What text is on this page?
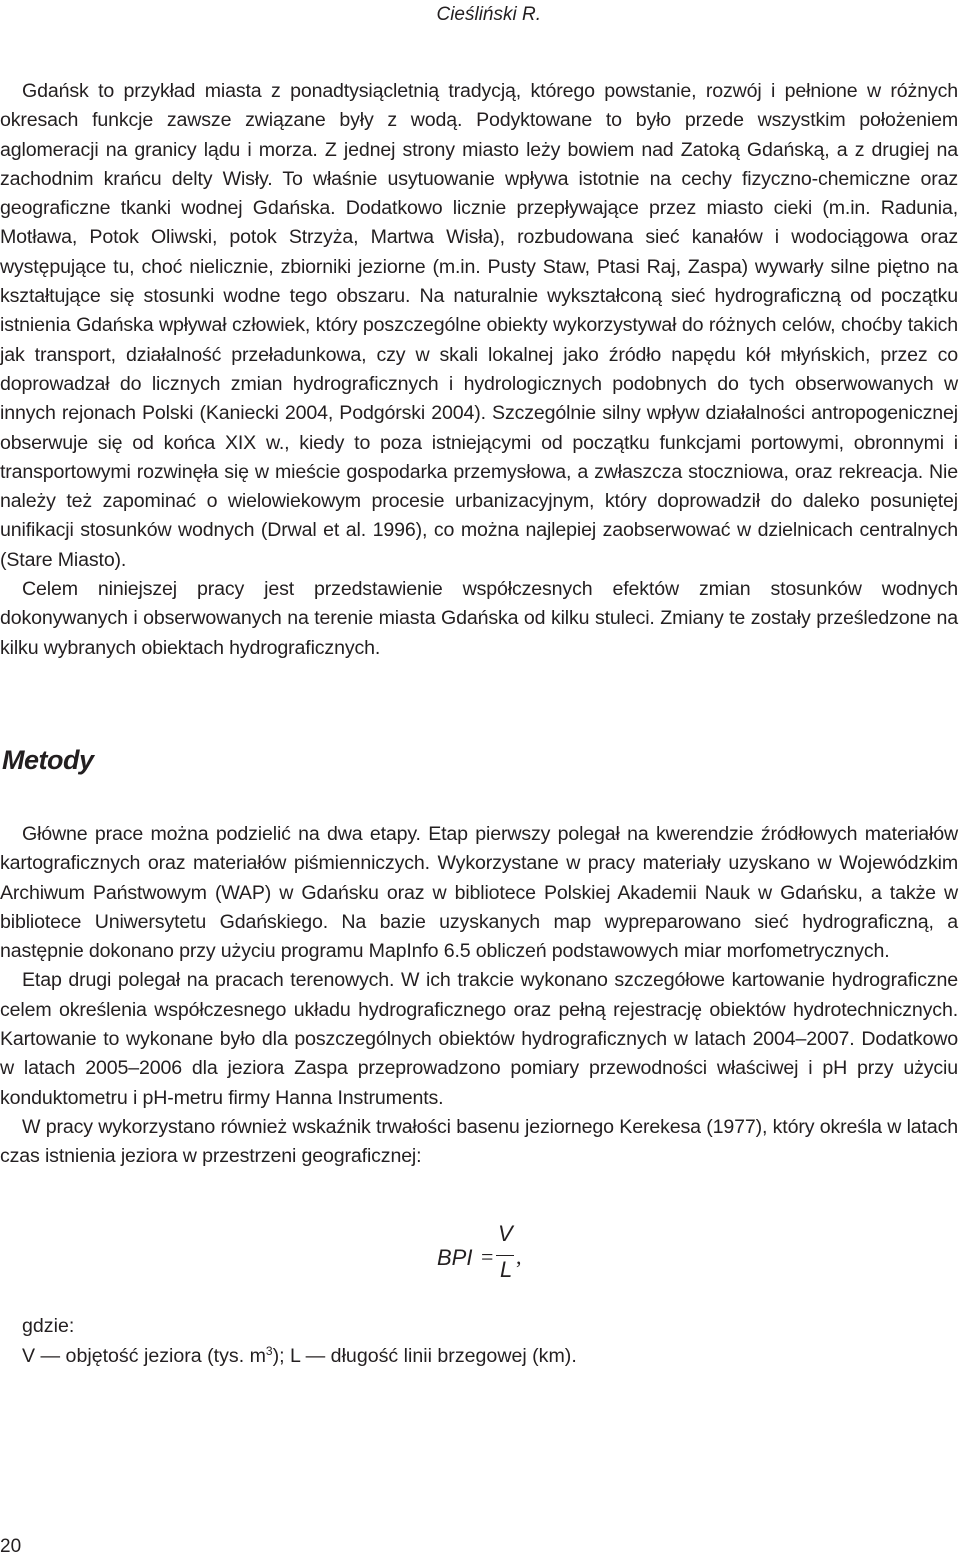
Cieśliński R.

Gdańsk to przykład miasta z ponadtysiącletnią tradycją, którego powstanie, rozwój i pełnione w różnych okresach funkcje zawsze związane były z wodą. Podyktowane to było przede wszystkim położeniem aglomeracji na granicy lądu i morza. Z jednej strony miasto leży bowiem nad Zatoką Gdańską, a z drugiej na zachodnim krańcu delty Wisły. To właśnie usytuowanie wpływa istotnie na cechy fizyczno-chemiczne oraz geograficzne tkanki wodnej Gdańska. Dodatkowo licznie przepływające przez miasto cieki (m.in. Radunia, Motława, Potok Oliwski, potok Strzyża, Martwa Wisła), rozbudowana sieć kanałów i wodociągowa oraz występujące tu, choć nielicznie, zbiorniki jeziorne (m.in. Pusty Staw, Ptasi Raj, Zaspa) wywarły silne piętno na kształtujące się stosunki wodne tego obszaru. Na naturalnie wykształconą sieć hydrograficzną od początku istnienia Gdańska wpływał człowiek, który poszczególne obiekty wykorzystywał do różnych celów, choćby takich jak transport, działalność przeładunkowa, czy w skali lokalnej jako źródło napędu kół młyńskich, przez co doprowadzał do licznych zmian hydrograficznych i hydrologicznych podobnych do tych obserwowanych w innych rejonach Polski (Kaniecki 2004, Podgórski 2004). Szczególnie silny wpływ działalności antropogenicznej obserwuje się od końca XIX w., kiedy to poza istniejącymi od początku funkcjami portowymi, obronnymi i transportowymi rozwinęła się w mieście gospodarka przemysłowa, a zwłaszcza stoczniowa, oraz rekreacja. Nie należy też zapominać o wielowiekowym procesie urbanizacyjnym, który doprowadził do daleko posuniętej unifikacji stosunków wodnych (Drwal et al. 1996), co można najlepiej zaobserwować w dzielnicach centralnych (Stare Miasto).

Celem niniejszej pracy jest przedstawienie współczesnych efektów zmian stosunków wodnych dokonywanych i obserwowanych na terenie miasta Gdańska od kilku stuleci. Zmiany te zostały prześledzone na kilku wybranych obiektach hydrograficznych.

Metody

Główne prace można podzielić na dwa etapy. Etap pierwszy polegał na kwerendzie źródłowych materiałów kartograficznych oraz materiałów piśmienniczych. Wykorzystane w pracy materiały uzyskano w Wojewódzkim Archiwum Państwowym (WAP) w Gdańsku oraz w bibliotece Polskiej Akademii Nauk w Gdańsku, a także w bibliotece Uniwersytetu Gdańskiego. Na bazie uzyskanych map wypreparowano sieć hydrograficzną, a następnie dokonano przy użyciu programu MapInfo 6.5 obliczeń podstawowych miar morfometrycznych.

Etap drugi polegał na pracach terenowych. W ich trakcie wykonano szczegółowe kartowanie hydrograficzne celem określenia współczesnego układu hydrograficznego oraz pełną rejestrację obiektów hydrotechnicznych. Kartowanie to wykonane było dla poszczególnych obiektów hydrograficznych w latach 2004–2007. Dodatkowo w latach 2005–2006 dla jeziora Zaspa przeprowadzono pomiary przewodności właściwej i pH przy użyciu konduktometru i pH-metru firmy Hanna Instruments.

W pracy wykorzystano również wskaźnik trwałości basenu jeziornego Kerekesa (1977), który określa w latach czas istnienia jeziora w przestrzeni geograficznej:

BPI =
V
L
,
gdzie:
V — objętość jeziora (tys. $m^3$); L — długość linii brzegowej (km).
20
